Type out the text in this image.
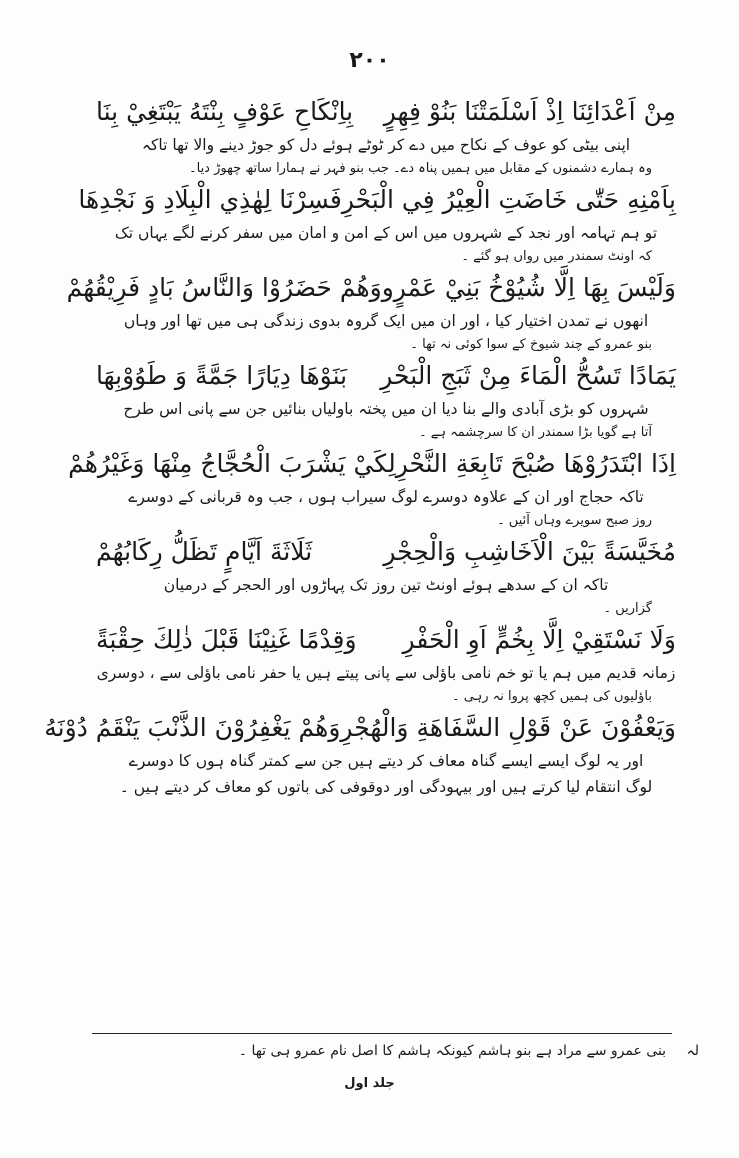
۲۰۰
مِنْ اَعْدَائِنَا اِذْ اَسْلَمَتْنَا بَنُوْ فِهِرٍ
بِاِنْكَاحِ عَوْفٍ بِنْتَهُ يَبْتَغِيْ بِنَا
اپنی بیٹی کو عوف کے نکاح میں دے کر ٹوٹے ہوئے دل کو جوڑ دینے والا تھا تاکہ
وہ ہمارے دشمنوں کے مقابل میں ہمیں پناہ دے۔ جب بنو فہر نے ہمارا ساتھ چھوڑ دیا۔
بِاَمْنِهِ حَتّٰى خَاضَتِ الْعِيْرُ فِي الْبَحْرِ
فَسِرْنَا لِهٰذِي الْبِلَادِ وَ نَجْدِهَا
تو ہم تہامہ اور نجد کے شہروں میں اس کے امن و امان میں سفر کرنے لگے یہاں تک
کہ اونٹ سمندر میں رواں ہو گئے ۔
وَلَيْسَ بِهَا اِلَّا شُيُوْخُ بَنِيْ عَمْرٍو
وَهُمْ حَضَرُوْا وَالنَّاسُ بَادٍ فَرِيْقُهُمْ
انھوں نے تمدن اختیار کیا ، اور ان میں ایک گروہ بدوی زندگی ہی میں تھا اور وہاں
بنو عمرو کے چند شیوخ کے سوا کوئی نہ تھا ۔
يَمَادًا تَسُحُّ الْمَاءَ مِنْ ثَبَجِ الْبَحْرِ
بَنَوْهَا دِيَارًا جَمَّةً وَ طَوُوْبِهَا
شہروں کو بڑی آبادی والے بنا دیا ان میں پختہ باولیاں بنائیں جن سے پانی اس طرح
آتا ہے گویا بڑا سمندر ان کا سرچشمہ ہے ۔
اِذَا ابْتَدَرُوْهَا صُبْحَ تَابِعَةِ النَّحْرِ
لِكَيْ يَشْرَبَ الْحُجَّاجُ مِنْهَا وَغَيْرُهُمْ
تاکہ حجاج اور ان کے علاوہ دوسرے لوگ سیراب ہوں ، جب وہ قربانی کے دوسرے
روز صبح سویرے وہاں آئیں ۔
مُخَيَّسَةً بَيْنَ الْاَخَاشِبِ وَالْحِجْرِ
ثَلَاثَةَ اَيَّامٍ تَظَلُّ رِكَابُهُمْ
تاکہ ان کے سدھے ہوئے اونٹ تین روز تک پہاڑوں اور الحجر کے درمیان
گزاریں ۔
وَلَا نَسْتَقِيْ اِلَّا بِخُمٍّ اَوِ الْحَفْرِ
وَقِدْمًا غَنِيْنَا قَبْلَ ذٰلِكَ حِقْبَةً
زمانہ قدیم میں ہم یا تو خم نامی باؤلی سے پانی پیتے ہیں یا حفر نامی باؤلی سے ، دوسری
باؤلیوں کی ہمیں کچھ پروا نہ رہی ۔
وَيَعْفُوْنَ عَنْ قَوْلِ السَّفَاهَةِ وَالْهُجْرِ
وَهُمْ يَغْفِرُوْنَ الذَّنْبَ يَنْقَمُ دُوْنَهُ
اور یہ لوگ ایسے ایسے گناہ معاف کر دیتے ہیں جن سے کمتر گناہ ہوں کا دوسرے
لوگ انتقام لیا کرتے ہیں اور بیہودگی اور دوقوفی کی باتوں کو معاف کر دیتے ہیں ۔
لہ بنی عمرو سے مراد ہے بنو ہاشم کیونکہ ہاشم کا اصل نام عمرو ہی تھا ۔
جلد اول
